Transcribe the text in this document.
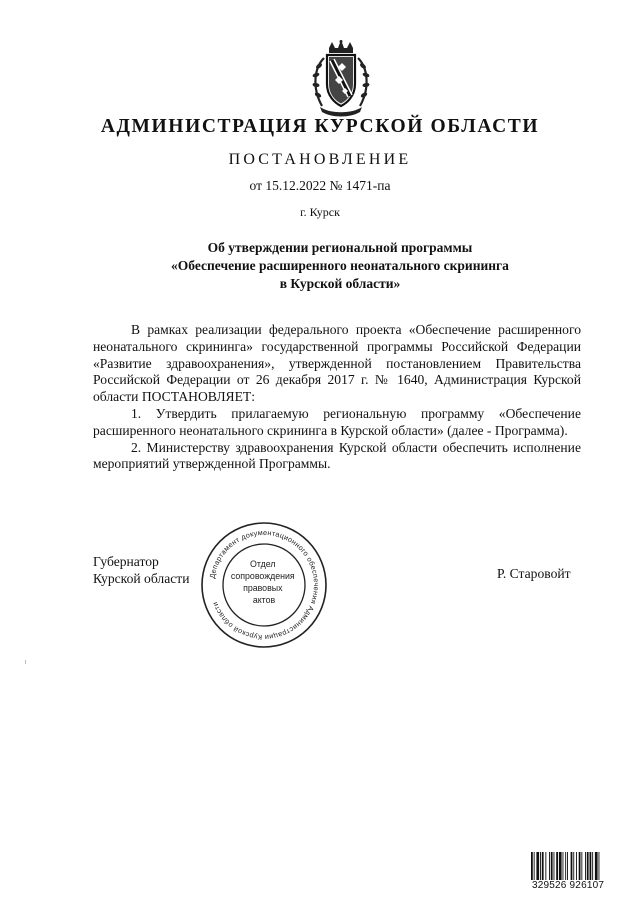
АДМИНИСТРАЦИЯ КУРСКОЙ ОБЛАСТИ
ПОСТАНОВЛЕНИЕ
от 15.12.2022 № 1471-па
г. Курск
Об утверждении региональной программы
«Обеспечение расширенного неонатального скрининга
в Курской области»

В рамках реализации федерального проекта «Обеспечение расширенного неонатального скрининга» государственной программы Российской Федерации «Развитие здравоохранения», утвержденной постановлением Правительства Российской Федерации от 26 декабря 2017 г. № 1640, Администрация Курской области ПОСТАНОВЛЯЕТ:

1. Утвердить прилагаемую региональную программу «Обеспечение расширенного неонатального скрининга в Курской области» (далее - Программа).

2. Министерству здравоохранения Курской области обеспечить исполнение мероприятий утвержденной Программы.

Губернатор
Курской области	Р. Старовойт
Департамент документационного обеспечения Администрации Курской области
Отдел сопровождения правовых актов
329526 926107
